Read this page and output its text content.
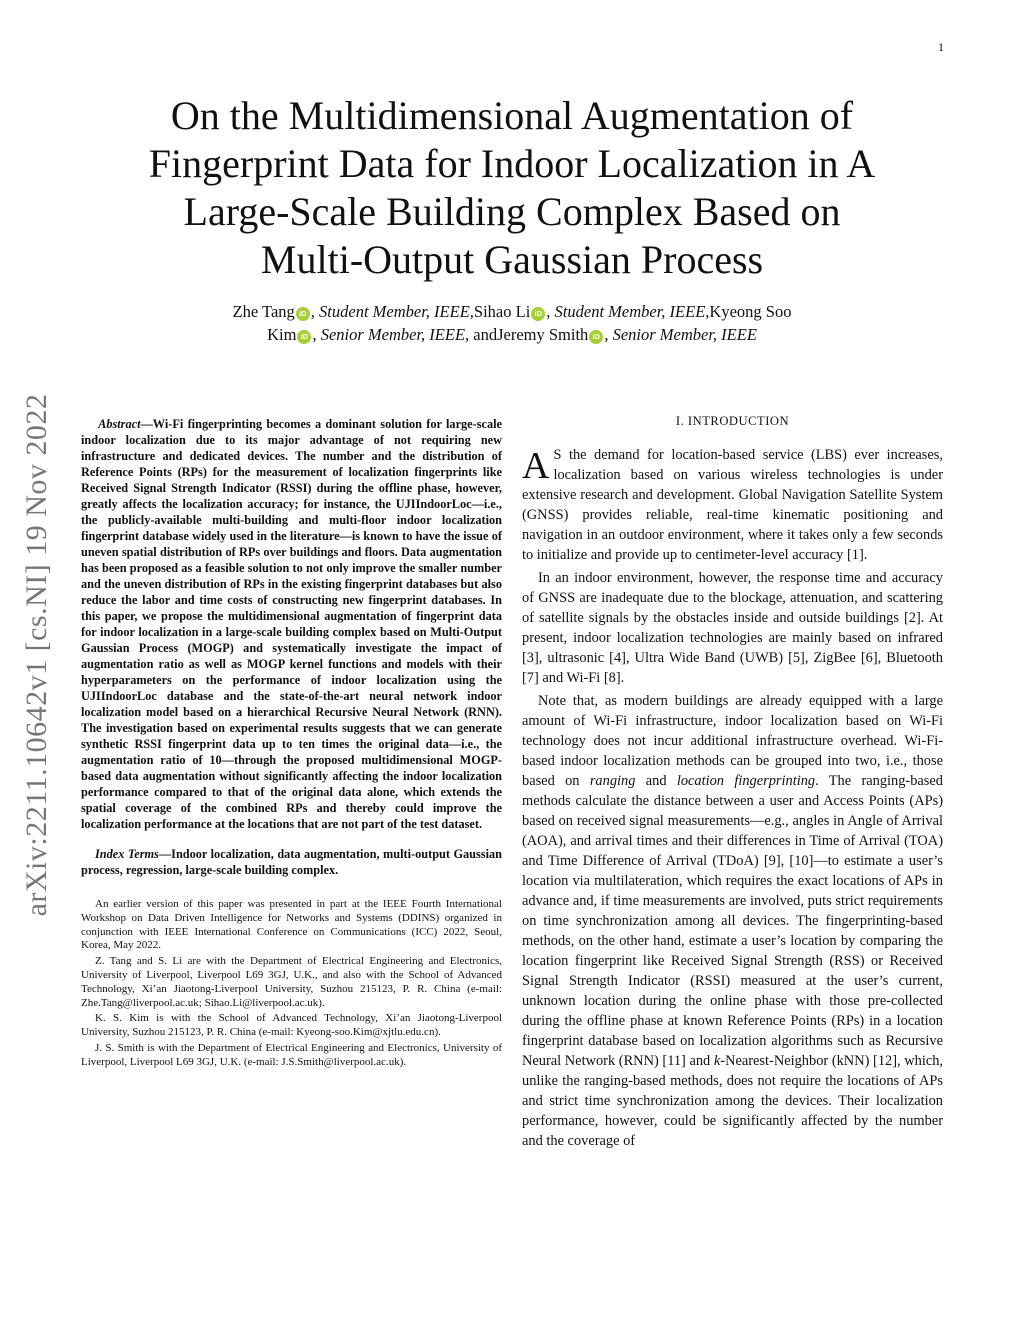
1
arXiv:2211.10642v1 [cs.NI] 19 Nov 2022
On the Multidimensional Augmentation of
Fingerprint Data for Indoor Localization in A
Large-Scale Building Complex Based on
Multi-Output Gaussian Process
Zhe Tang iD , Student Member, IEEE,Sihao Li iD , Student Member, IEEE,Kyeong Soo
Kim iD , Senior Member, IEEE, andJeremy Smith iD , Senior Member, IEEE

Abstract—Wi-Fi fingerprinting becomes a dominant solution for large-scale indoor localization due to its major advantage of not requiring new infrastructure and dedicated devices. The number and the distribution of Reference Points (RPs) for the measurement of localization fingerprints like Received Signal Strength Indicator (RSSI) during the offline phase, however, greatly affects the localization accuracy; for instance, the UJIIndoorLoc—i.e., the publicly-available multi-building and multi-floor indoor localization fingerprint database widely used in the literature—is known to have the issue of uneven spatial distribution of RPs over buildings and floors. Data augmentation has been proposed as a feasible solution to not only improve the smaller number and the uneven distribution of RPs in the existing fingerprint databases but also reduce the labor and time costs of constructing new fingerprint databases. In this paper, we propose the multidimensional augmentation of fingerprint data for indoor localization in a large-scale building complex based on Multi-Output Gaussian Process (MOGP) and systematically investigate the impact of augmentation ratio as well as MOGP kernel functions and models with their hyperparameters on the performance of indoor localization using the UJIIndoorLoc database and the state-of-the-art neural network indoor localization model based on a hierarchical Recursive Neural Network (RNN). The investigation based on experimental results suggests that we can generate synthetic RSSI fingerprint data up to ten times the original data—i.e., the augmentation ratio of 10—through the proposed multidimensional MOGP-based data augmentation without significantly affecting the indoor localization performance compared to that of the original data alone, which extends the spatial coverage of the combined RPs and thereby could improve the localization performance at the locations that are not part of the test dataset.

Index Terms—Indoor localization, data augmentation, multi-output Gaussian process, regression, large-scale building complex.

An earlier version of this paper was presented in part at the IEEE Fourth International Workshop on Data Driven Intelligence for Networks and Systems (DDINS) organized in conjunction with IEEE International Conference on Communications (ICC) 2022, Seoul, Korea, May 2022.

Z. Tang and S. Li are with the Department of Electrical Engineering and Electronics, University of Liverpool, Liverpool L69 3GJ, U.K., and also with the School of Advanced Technology, Xi’an Jiaotong-Liverpool University, Suzhou 215123, P. R. China (e-mail: Zhe.Tang@liverpool.ac.uk; Sihao.Li@liverpool.ac.uk).

K. S. Kim is with the School of Advanced Technology, Xi’an Jiaotong-Liverpool University, Suzhou 215123, P. R. China (e-mail: Kyeong-soo.Kim@xjtlu.edu.cn).

J. S. Smith is with the Department of Electrical Engineering and Electronics, University of Liverpool, Liverpool L69 3GJ, U.K. (e-mail: J.S.Smith@liverpool.ac.uk).

I. INTRODUCTION

A S the demand for location-based service (LBS) ever increases, localization based on various wireless technologies is under extensive research and development. Global Navigation Satellite System (GNSS) provides reliable, real-time kinematic positioning and navigation in an outdoor environment, where it takes only a few seconds to initialize and provide up to centimeter-level accuracy [1].

In an indoor environment, however, the response time and accuracy of GNSS are inadequate due to the blockage, attenuation, and scattering of satellite signals by the obstacles inside and outside buildings [2]. At present, indoor localization technologies are mainly based on infrared [3], ultrasonic [4], Ultra Wide Band (UWB) [5], ZigBee [6], Bluetooth [7] and Wi-Fi [8].

Note that, as modern buildings are already equipped with a large amount of Wi-Fi infrastructure, indoor localization based on Wi-Fi technology does not incur additional infrastructure overhead. Wi-Fi-based indoor localization methods can be grouped into two, i.e., those based on ranging and location fingerprinting. The ranging-based methods calculate the distance between a user and Access Points (APs) based on received signal measurements—e.g., angles in Angle of Arrival (AOA), and arrival times and their differences in Time of Arrival (TOA) and Time Difference of Arrival (TDoA) [9], [10]—to estimate a user’s location via multilateration, which requires the exact locations of APs in advance and, if time measurements are involved, puts strict requirements on time synchronization among all devices. The fingerprinting-based methods, on the other hand, estimate a user’s location by comparing the location fingerprint like Received Signal Strength (RSS) or Received Signal Strength Indicator (RSSI) measured at the user’s current, unknown location during the online phase with those pre-collected during the offline phase at known Reference Points (RPs) in a location fingerprint database based on localization algorithms such as Recursive Neural Network (RNN) [11] and k-Nearest-Neighbor (kNN) [12], which, unlike the ranging-based methods, does not require the locations of APs and strict time synchronization among the devices. Their localization performance, however, could be significantly affected by the number and the coverage of
